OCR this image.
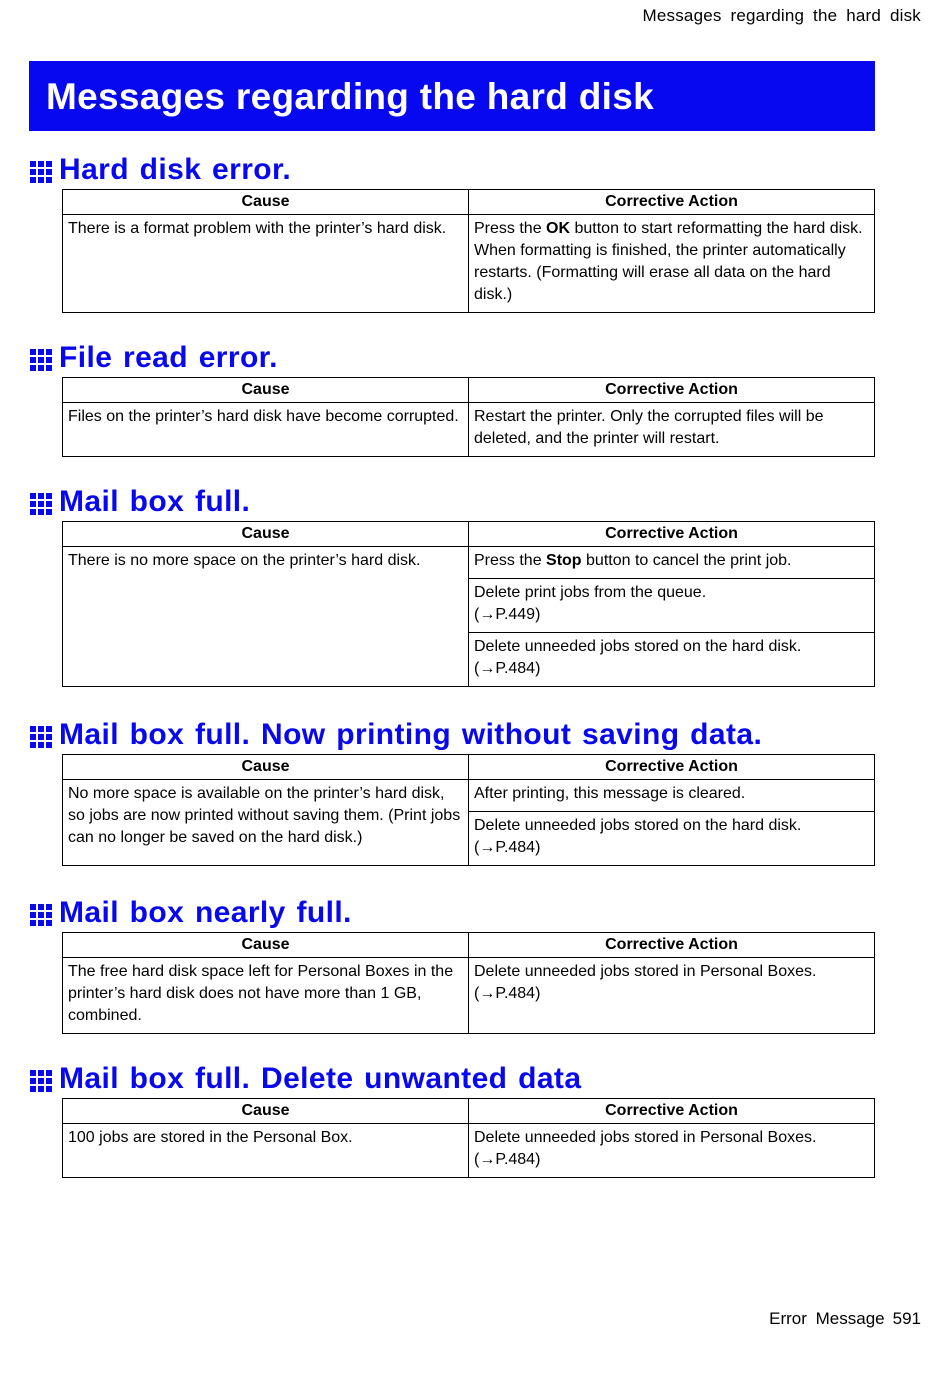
Messages regarding the hard disk
Messages regarding the hard disk
Hard disk error.
Cause	Corrective Action
There is a format problem with the printer’s hard disk.	Press the OK button to start reformatting the hard disk. When formatting is finished, the printer automatically restarts. (Formatting will erase all data on the hard disk.)
File read error.
Cause	Corrective Action
Files on the printer’s hard disk have become corrupted.	Restart the printer. Only the corrupted files will be deleted, and the printer will restart.
Mail box full.
Cause	Corrective Action
There is no more space on the printer’s hard disk.	Press the Stop button to cancel the print job.
	Delete print jobs from the queue.
(→P.449)
	Delete unneeded jobs stored on the hard disk.
(→P.484)
Mail box full. Now printing without saving data.
Cause	Corrective Action
No more space is available on the printer’s hard disk, so jobs are now printed without saving them. (Print jobs can no longer be saved on the hard disk.)	After printing, this message is cleared.
	Delete unneeded jobs stored on the hard disk.
(→P.484)
Mail box nearly full.
Cause	Corrective Action
The free hard disk space left for Personal Boxes in the printer’s hard disk does not have more than 1 GB, combined.	Delete unneeded jobs stored in Personal Boxes.
(→P.484)
Mail box full. Delete unwanted data
Cause	Corrective Action
100 jobs are stored in the Personal Box.	Delete unneeded jobs stored in Personal Boxes.
(→P.484)
Error Message 591
